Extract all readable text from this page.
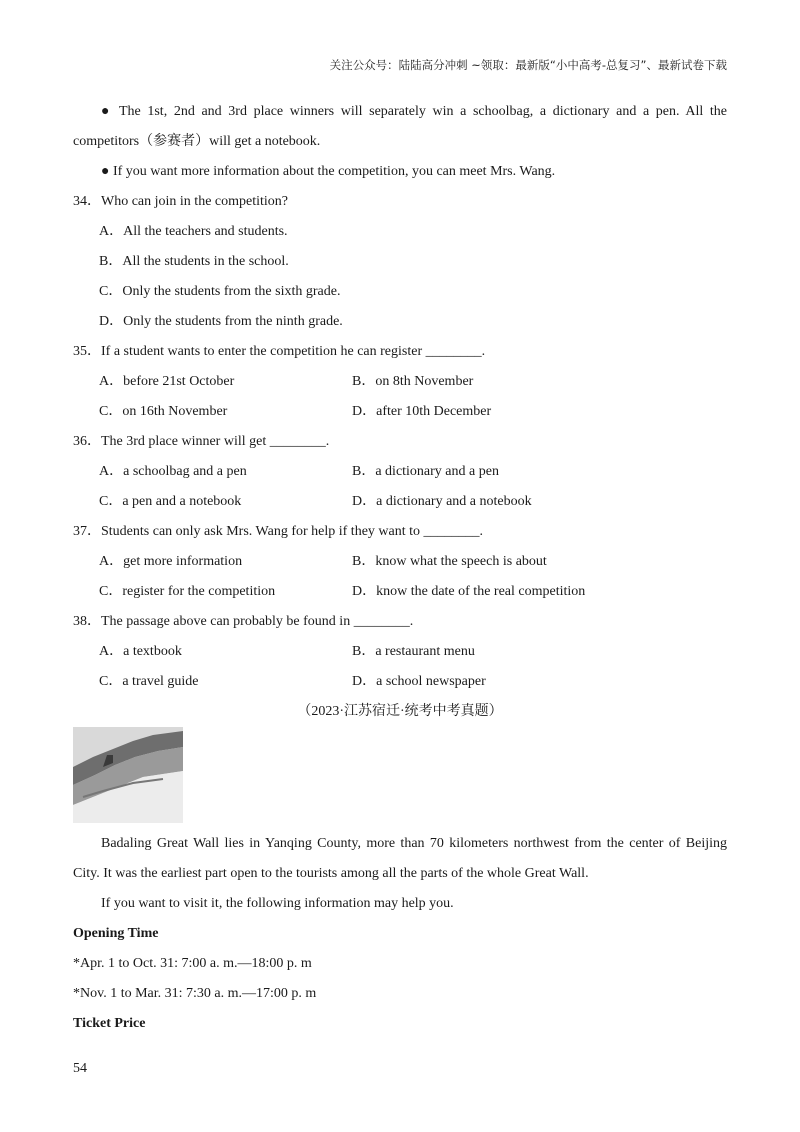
关注公众号：陆陆高分冲刺 ~领取：最新版“小中高考-总复习”、最新试卷下载
● The 1st, 2nd and 3rd place winners will separately win a schoolbag, a dictionary and a pen. All the
competitors（参赛者）will get a notebook.
● If you want more information about the competition, you can meet Mrs. Wang.
34．Who can join in the competition?
A．All the teachers and students.
B．All the students in the school.
C．Only the students from the sixth grade.
D．Only the students from the ninth grade.
35．If a student wants to enter the competition he can register ________.
A．before 21st October	B．on 8th November
C．on 16th November	D．after 10th December
36．The 3rd place winner will get ________.
A．a schoolbag and a pen	B．a dictionary and a pen
C．a pen and a notebook	D．a dictionary and a notebook
37．Students can only ask Mrs. Wang for help if they want to ________.
A．get more information	B．know what the speech is about
C．register for the competition	D．know the date of the real competition
38．The passage above can probably be found in ________.
A．a textbook	B．a restaurant menu
C．a travel guide	D．a school newspaper
（2023·江苏宿迁·统考中考真题）
Badaling Great Wall lies in Yanqing County, more than 70 kilometers northwest from the center of Beijing
City. It was the earliest part open to the tourists among all the parts of the whole Great Wall.
If you want to visit it, the following information may help you.
Opening Time
*Apr. 1 to Oct. 31: 7:00 a. m.—18:00 p. m
*Nov. 1 to Mar. 31: 7:30 a. m.—17:00 p. m
Ticket Price
54
